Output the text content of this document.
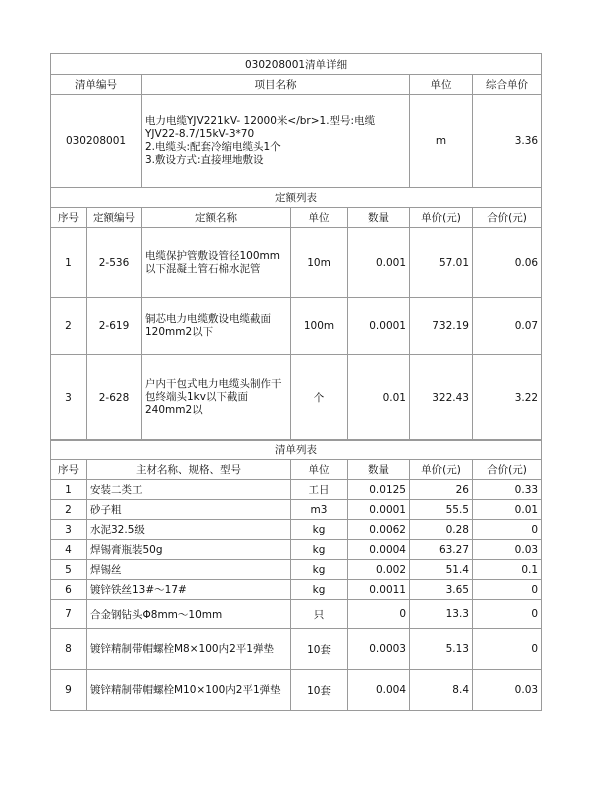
030208001清单详细						
清单编号		项目名称			单位	综合单价
030208001		电力电缆YJV221kV- 12000米</br>1.型号:电缆YJV22-8.7/15kV-3*70
2.电缆头:配套冷缩电缆头1个
3.敷设方式:直接埋地敷设			m	3.36
定额列表						
序号	定额编号	定额名称	单位	数量	单价(元)	合价(元)
1	2-536	电缆保护管敷设管径100mm以下混凝土管石棉水泥管	10m	0.001	57.01	0.06
2	2-619	铜芯电力电缆敷设电缆截面120mm2以下	100m	0.0001	732.19	0.07
3	2-628	户内干包式电力电缆头制作干包终端头1kv以下截面240mm2以	个	0.01	322.43	3.22
清单列表					
序号	主材名称、规格、型号	单位	数量	单价(元)	合价(元)
1	安装二类工	工日	0.0125	26	0.33
2	砂子粗	m3	0.0001	55.5	0.01
3	水泥32.5级	kg	0.0062	0.28	0
4	焊锡膏瓶装50g	kg	0.0004	63.27	0.03
5	焊锡丝	kg	0.002	51.4	0.1
6	镀锌铁丝13#～17#	kg	0.0011	3.65	0
7	合金钢钻头Φ8mm～10mm	只	0	13.3	0
8	镀锌精制带帽螺栓M8×100内2平1弹垫	10套	0.0003	5.13	0
9	镀锌精制带帽螺栓M10×100内2平1弹垫	10套	0.004	8.4	0.03
